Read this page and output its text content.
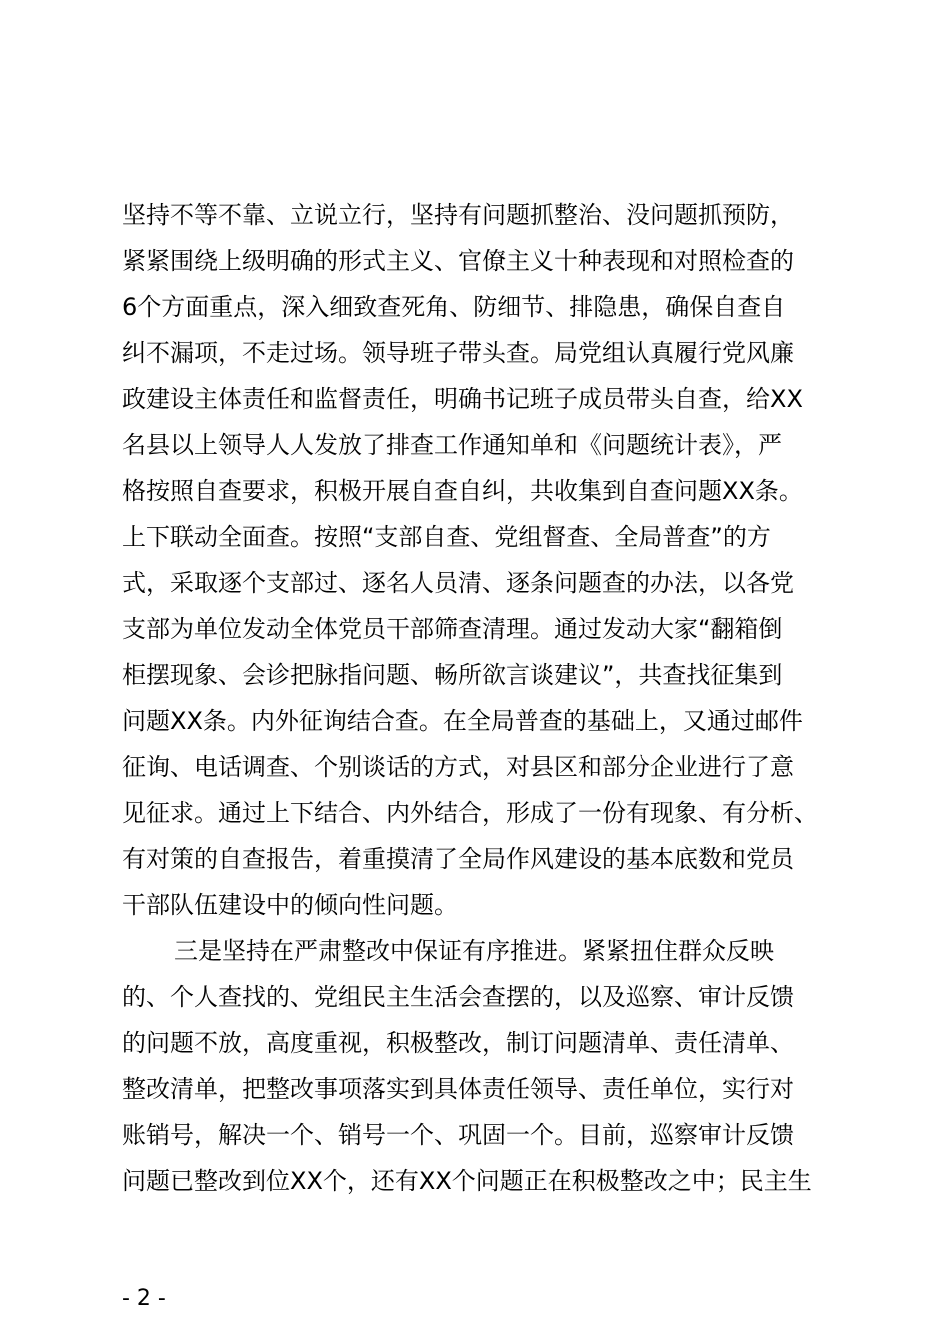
坚持不等不靠、立说立行，坚持有问题抓整治、没问题抓预防，
紧紧围绕上级明确的形式主义、官僚主义十种表现和对照检查的
6个方面重点，深入细致查死角、防细节、排隐患，确保自查自
纠不漏项，不走过场。领导班子带头查。局党组认真履行党风廉
政建设主体责任和监督责任，明确书记班子成员带头自查，给XX
名县以上领导人人发放了排查工作通知单和《问题统计表》，严
格按照自查要求，积极开展自查自纠，共收集到自查问题XX条。
上下联动全面查。按照“支部自查、党组督查、全局普查”的方
式，采取逐个支部过、逐名人员清、逐条问题查的办法，以各党
支部为单位发动全体党员干部筛查清理。通过发动大家“翻箱倒
柜摆现象、会诊把脉指问题、畅所欲言谈建议”，共查找征集到
问题XX条。内外征询结合查。在全局普查的基础上，又通过邮件
征询、电话调查、个别谈话的方式，对县区和部分企业进行了意
见征求。通过上下结合、内外结合，形成了一份有现象、有分析、
有对策的自查报告，着重摸清了全局作风建设的基本底数和党员
干部队伍建设中的倾向性问题。
三是坚持在严肃整改中保证有序推进。紧紧扭住群众反映
的、个人查找的、党组民主生活会查摆的，以及巡察、审计反馈
的问题不放，高度重视，积极整改，制订问题清单、责任清单、
整改清单，把整改事项落实到具体责任领导、责任单位，实行对
账销号，解决一个、销号一个、巩固一个。目前，巡察审计反馈
问题已整改到位XX个，还有XX个问题正在积极整改之中；民主生
- 2 -
